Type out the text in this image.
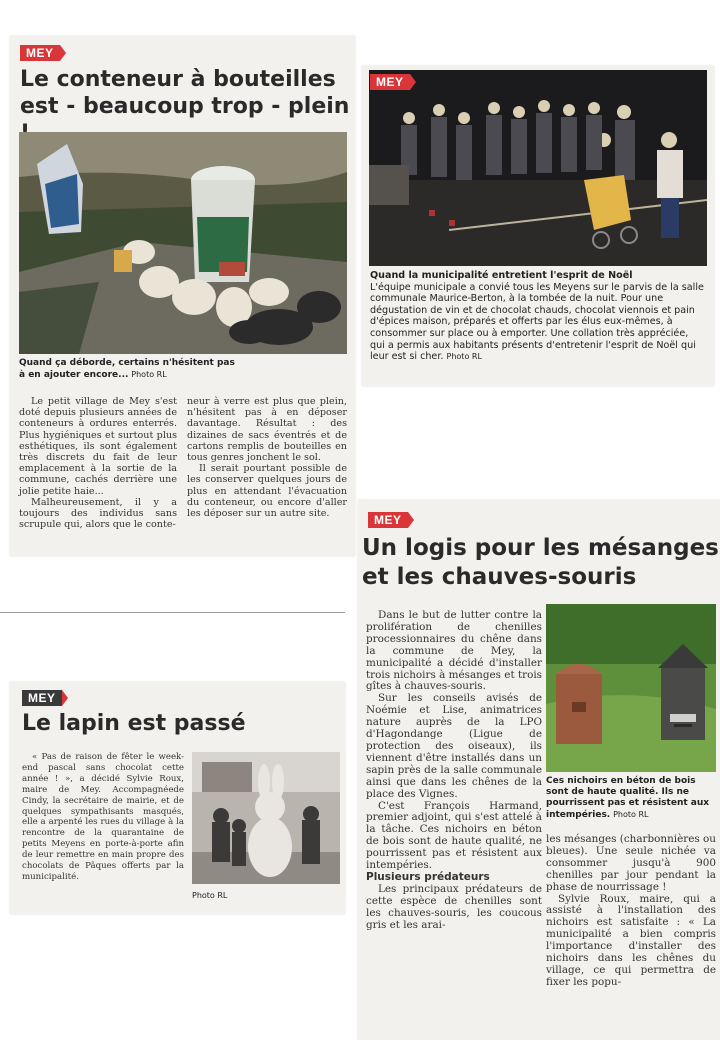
MEY
Le conteneur à bouteilles
est - beaucoup trop - plein
Quand ça déborde, certains n'hésitent pas
à en ajouter encore... Photo RL

Le petit village de Mey s'est doté depuis plusieurs années de conteneurs à ordures enterrés. Plus hygiéniques et surtout plus esthétiques, ils sont également très discrets du fait de leur emplacement à la sortie de la commune, cachés derrière une jolie petite haie...

Malheureusement, il y a toujours des individus sans scrupule qui, alors que le conte-

neur à verre est plus que plein, n'hésitent pas à en déposer davantage. Résultat : des dizaines de sacs éventrés et de cartons remplis de bouteilles en tous genres jonchent le sol.

Il serait pourtant possible de les conserver quelques jours de plus en attendant l'évacuation du conteneur, ou encore d'aller les déposer sur un autre site.

MEY
Quand la municipalité entretient l'esprit de Noël
L'équipe municipale a convié tous les Meyens sur le parvis de la salle communale Maurice-Berton, à la tombée de la nuit. Pour une dégustation de vin et de chocolat chauds, chocolat viennois et pain d'épices maison, préparés et offerts par les élus eux-mêmes, à consommer sur place ou à emporter. Une collation très appréciée, qui a permis aux habitants présents d'entretenir l'esprit de Noël qui leur est si cher. Photo RL
MEY
Le lapin est passé
« Pas de raison de fêter le week-end pascal sans chocolat cette année ! », a décidé Sylvie Roux, maire de Mey. Accompagnéede Cindy, la secrétaire de mairie, et de quelques sympathisants masqués, elle a arpenté les rues du village à la rencontre de la quarantaine de petits Meyens en porte-à-porte afin de leur remettre en main propre des chocolats de Pâques offerts par la municipalité.
Photo RL
MEY
Un logis pour les mésanges
et les chauves-souris

Dans le but de lutter contre la prolifération de chenilles processionnaires du chêne dans la commune de Mey, la municipalité a décidé d'installer trois nichoirs à mésanges et trois gîtes à chauves-souris.

Sur les conseils avisés de Noémie et Lise, animatrices nature auprès de la LPO d'Hagondange (Ligue de protection des oiseaux), ils viennent d'être installés dans un sapin près de la salle communale ainsi que dans les chênes de la place des Vignes.

C'est François Harmand, premier adjoint, qui s'est attelé à la tâche. Ces nichoirs en béton de bois sont de haute qualité, ne pourrissent pas et résistent aux intempéries.

Plusieurs prédateurs

Les principaux prédateurs de cette espèce de chenilles sont les chauves-souris, les coucous gris et les arai-

Ces nichoirs en béton de bois sont de haute qualité. Ils ne pourrissent pas et résistent aux intempéries. Photo RL

les mésanges (charbonnières ou bleues). Une seule nichée va consommer jusqu'à 900 chenilles par jour pendant la phase de nourrissage !

Sylvie Roux, maire, qui a assisté à l'installation des nichoirs est satisfaite : « La municipalité a bien compris l'importance d'installer des nichoirs dans les chênes du village, ce qui permettra de fixer les popu-
